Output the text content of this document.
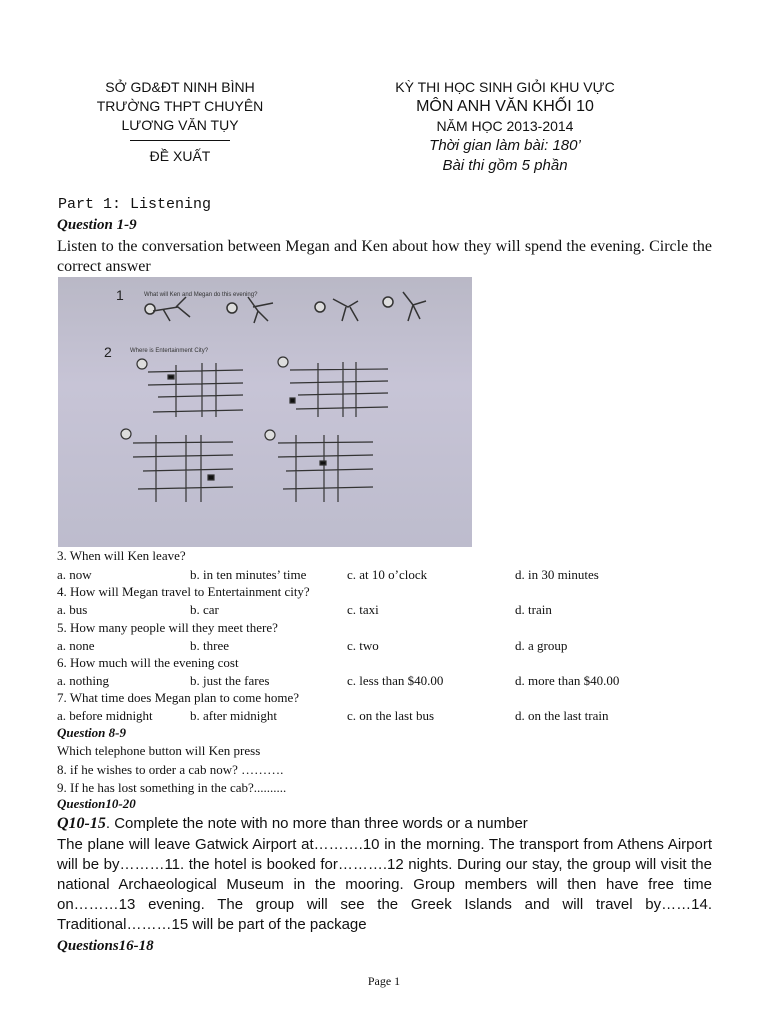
SỞ GD&ĐT NINH BÌNH
TRƯỜNG THPT CHUYÊN
LƯƠNG VĂN TỤY
ĐỀ XUẤT
KỲ THI HỌC SINH GIỎI KHU VỰC
MÔN ANH VĂN KHỐI 10
NĂM HỌC 2013-2014
Thời gian làm bài: 180’
Bài thi gồm 5 phần
Part 1: Listening
Question 1-9
Listen to the conversation between Megan and Ken about how they will spend the evening. Circle the correct answer
1	What will Ken and Megan do this evening?
2	Where is Entertainment City?
3. When will Ken leave?
a. now	b. in ten minutes’ time	c. at 10 o’clock	d. in 30 minutes
4. How will Megan travel to Entertainment city?
a. bus	b. car	c. taxi	d. train
5. How many people will they meet there?
a. none	b. three	c. two	d. a group
6. How much will the evening cost
a. nothing	b. just the fares	c. less than $40.00	d. more than $40.00
7. What time does Megan plan to come home?
a. before midnight	b. after midnight	c. on the last bus	d. on the last train
Question 8-9
Which telephone button will Ken press
8. if he wishes to order a cab now? ……….
9. If he has lost something in the cab?..........
Question10-20
Q10-15. Complete the note with no more than three words or a number
The plane will leave Gatwick Airport at……….10 in the morning. The transport from Athens Airport will be by………11. the hotel is booked for……….12 nights. During our stay, the group will visit the national Archaeological Museum in the mooring. Group members will then have free time on………13 evening. The group will see the Greek Islands and will travel by……14. Traditional………15 will be part of the package
Questions16-18
Page 1
